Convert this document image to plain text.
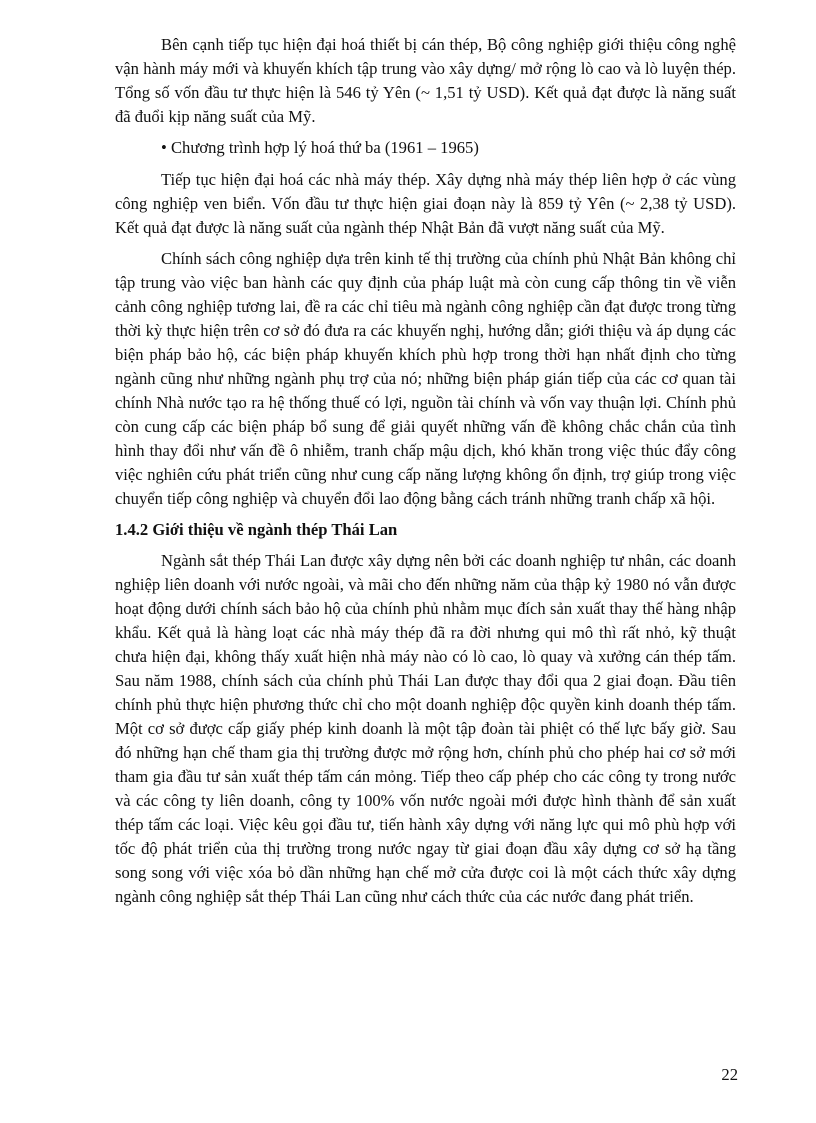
Bên cạnh tiếp tục hiện đại hoá thiết bị cán thép, Bộ công nghiệp giới thiệu công nghệ vận hành máy mới và khuyến khích tập trung vào xây dựng/ mở rộng lò cao và lò luyện thép. Tổng số vốn đầu tư thực hiện là 546 tỷ Yên (~ 1,51 tỷ USD). Kết quả đạt được là năng suất đã đuổi kịp năng suất của Mỹ.

• Chương trình hợp lý hoá thứ ba (1961 – 1965)

Tiếp tục hiện đại hoá các nhà máy thép. Xây dựng nhà máy thép liên hợp ở các vùng công nghiệp ven biển. Vốn đầu tư thực hiện giai đoạn này là 859 tỷ Yên (~ 2,38 tỷ USD). Kết quả đạt được là năng suất của ngành thép Nhật Bản đã vượt năng suất của Mỹ.

Chính sách công nghiệp dựa trên kinh tế thị trường của chính phủ Nhật Bản không chỉ tập trung vào việc ban hành các quy định của pháp luật mà còn cung cấp thông tin về viễn cảnh công nghiệp tương lai, đề ra các chỉ tiêu mà ngành công nghiệp cần đạt được trong từng thời kỳ thực hiện trên cơ sở đó đưa ra các khuyến nghị, hướng dẫn; giới thiệu và áp dụng các biện pháp bảo hộ, các biện pháp khuyến khích phù hợp trong thời hạn nhất định cho từng ngành cũng như những ngành phụ trợ của nó; những biện pháp gián tiếp của các cơ quan tài chính Nhà nước tạo ra hệ thống thuế có lợi, nguồn tài chính và vốn vay thuận lợi. Chính phủ còn cung cấp các biện pháp bổ sung để giải quyết những vấn đề không chắc chắn của tình hình thay đổi như vấn đề ô nhiễm, tranh chấp mậu dịch, khó khăn trong việc thúc đẩy công việc nghiên cứu phát triển cũng như cung cấp năng lượng không ổn định, trợ giúp trong việc chuyển tiếp công nghiệp và chuyển đổi lao động bằng cách tránh những tranh chấp xã hội.

1.4.2 Giới thiệu về ngành thép Thái Lan

Ngành sắt thép Thái Lan được xây dựng nên bởi các doanh nghiệp tư nhân, các doanh nghiệp liên doanh với nước ngoài, và mãi cho đến những năm của thập kỷ 1980 nó vẫn được hoạt động dưới chính sách bảo hộ của chính phủ nhằm mục đích sản xuất thay thế hàng nhập khẩu. Kết quả là hàng loạt các nhà máy thép đã ra đời nhưng qui mô thì rất nhỏ, kỹ thuật chưa hiện đại, không thấy xuất hiện nhà máy nào có lò cao, lò quay và xưởng cán thép tấm. Sau năm 1988, chính sách của chính phủ Thái Lan được thay đổi qua 2 giai đoạn. Đầu tiên chính phủ thực hiện phương thức chỉ cho một doanh nghiệp độc quyền kinh doanh thép tấm. Một cơ sở được cấp giấy phép kinh doanh là một tập đoàn tài phiệt có thế lực bấy giờ. Sau đó những hạn chế tham gia thị trường được mở rộng hơn, chính phủ cho phép hai cơ sở mới tham gia đầu tư sản xuất thép tấm cán mỏng. Tiếp theo cấp phép cho các công ty trong nước và các công ty liên doanh, công ty 100% vốn nước ngoài mới được hình thành để sản xuất thép tấm các loại. Việc kêu gọi đầu tư, tiến hành xây dựng với năng lực qui mô phù hợp với tốc độ phát triển của thị trường trong nước ngay từ giai đoạn đầu xây dựng cơ sở hạ tầng song song với việc xóa bỏ dần những hạn chế mở cửa được coi là một cách thức xây dựng ngành công nghiệp sắt thép Thái Lan cũng như cách thức của các nước đang phát triển.

22
